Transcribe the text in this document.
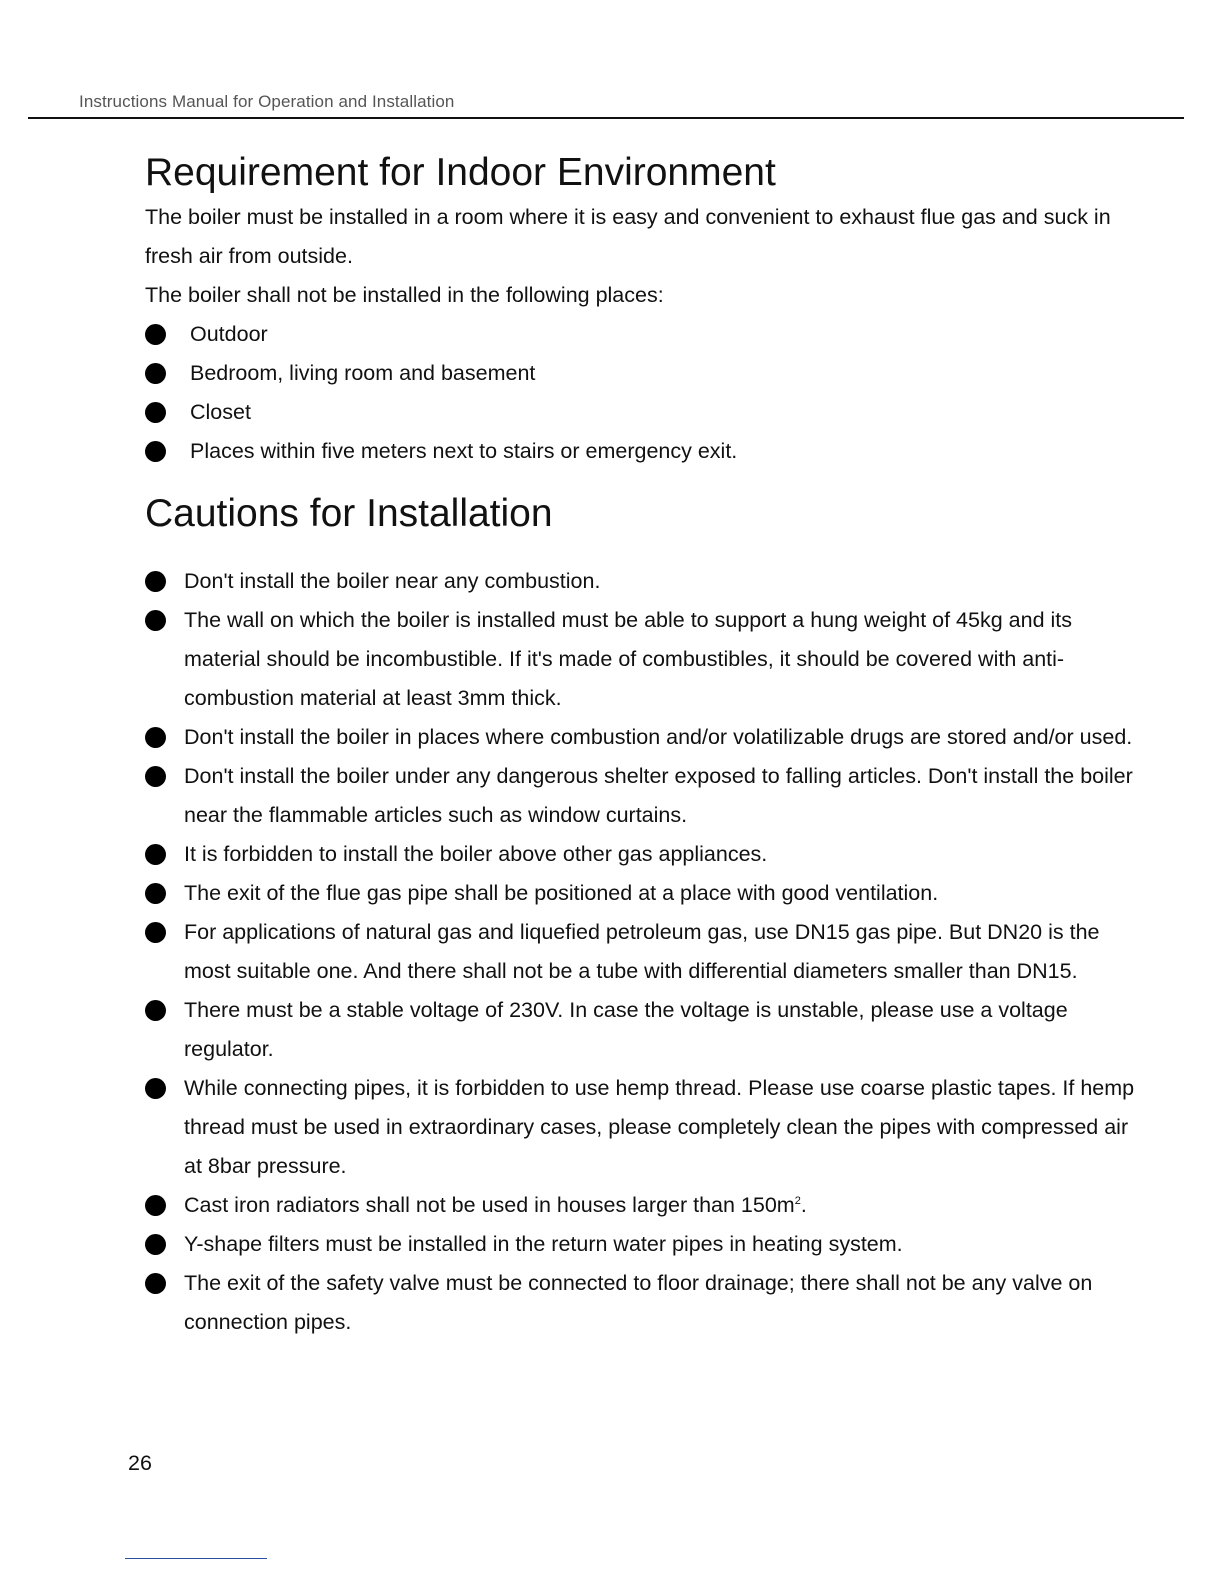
Instructions Manual for Operation and Installation
Requirement for Indoor Environment

The boiler must be installed in a room where it is easy and convenient to exhaust flue gas and suck in fresh air from outside.

The boiler shall not be installed in the following places:

Outdoor
Bedroom, living room and basement
Closet
Places within five meters next to stairs or emergency exit.
Cautions for Installation
Don't install the boiler near any combustion.
The wall on which the boiler is installed must be able to support a hung weight of 45kg and its material should be incombustible. If it's made of combustibles, it should be covered with anti-combustion material at least 3mm thick.
Don't install the boiler in places where combustion and/or volatilizable drugs are stored and/or used.
Don't install the boiler under any dangerous shelter exposed to falling articles. Don't install the boiler near the flammable articles such as window curtains.
It is forbidden to install the boiler above other gas appliances.
The exit of the flue gas pipe shall be positioned at a place with good ventilation.
For applications of natural gas and liquefied petroleum gas, use DN15 gas pipe. But DN20 is the most suitable one. And there shall not be a tube with differential diameters smaller than DN15.
There must be a stable voltage of 230V. In case the voltage is unstable, please use a voltage regulator.
While connecting pipes, it is forbidden to use hemp thread. Please use coarse plastic tapes. If hemp thread must be used in extraordinary cases, please completely clean the pipes with compressed air at 8bar pressure.
Cast iron radiators shall not be used in houses larger than $150m^2$.
Y-shape filters must be installed in the return water pipes in heating system.
The exit of the safety valve must be connected to floor drainage; there shall not be any valve on connection pipes.
26
